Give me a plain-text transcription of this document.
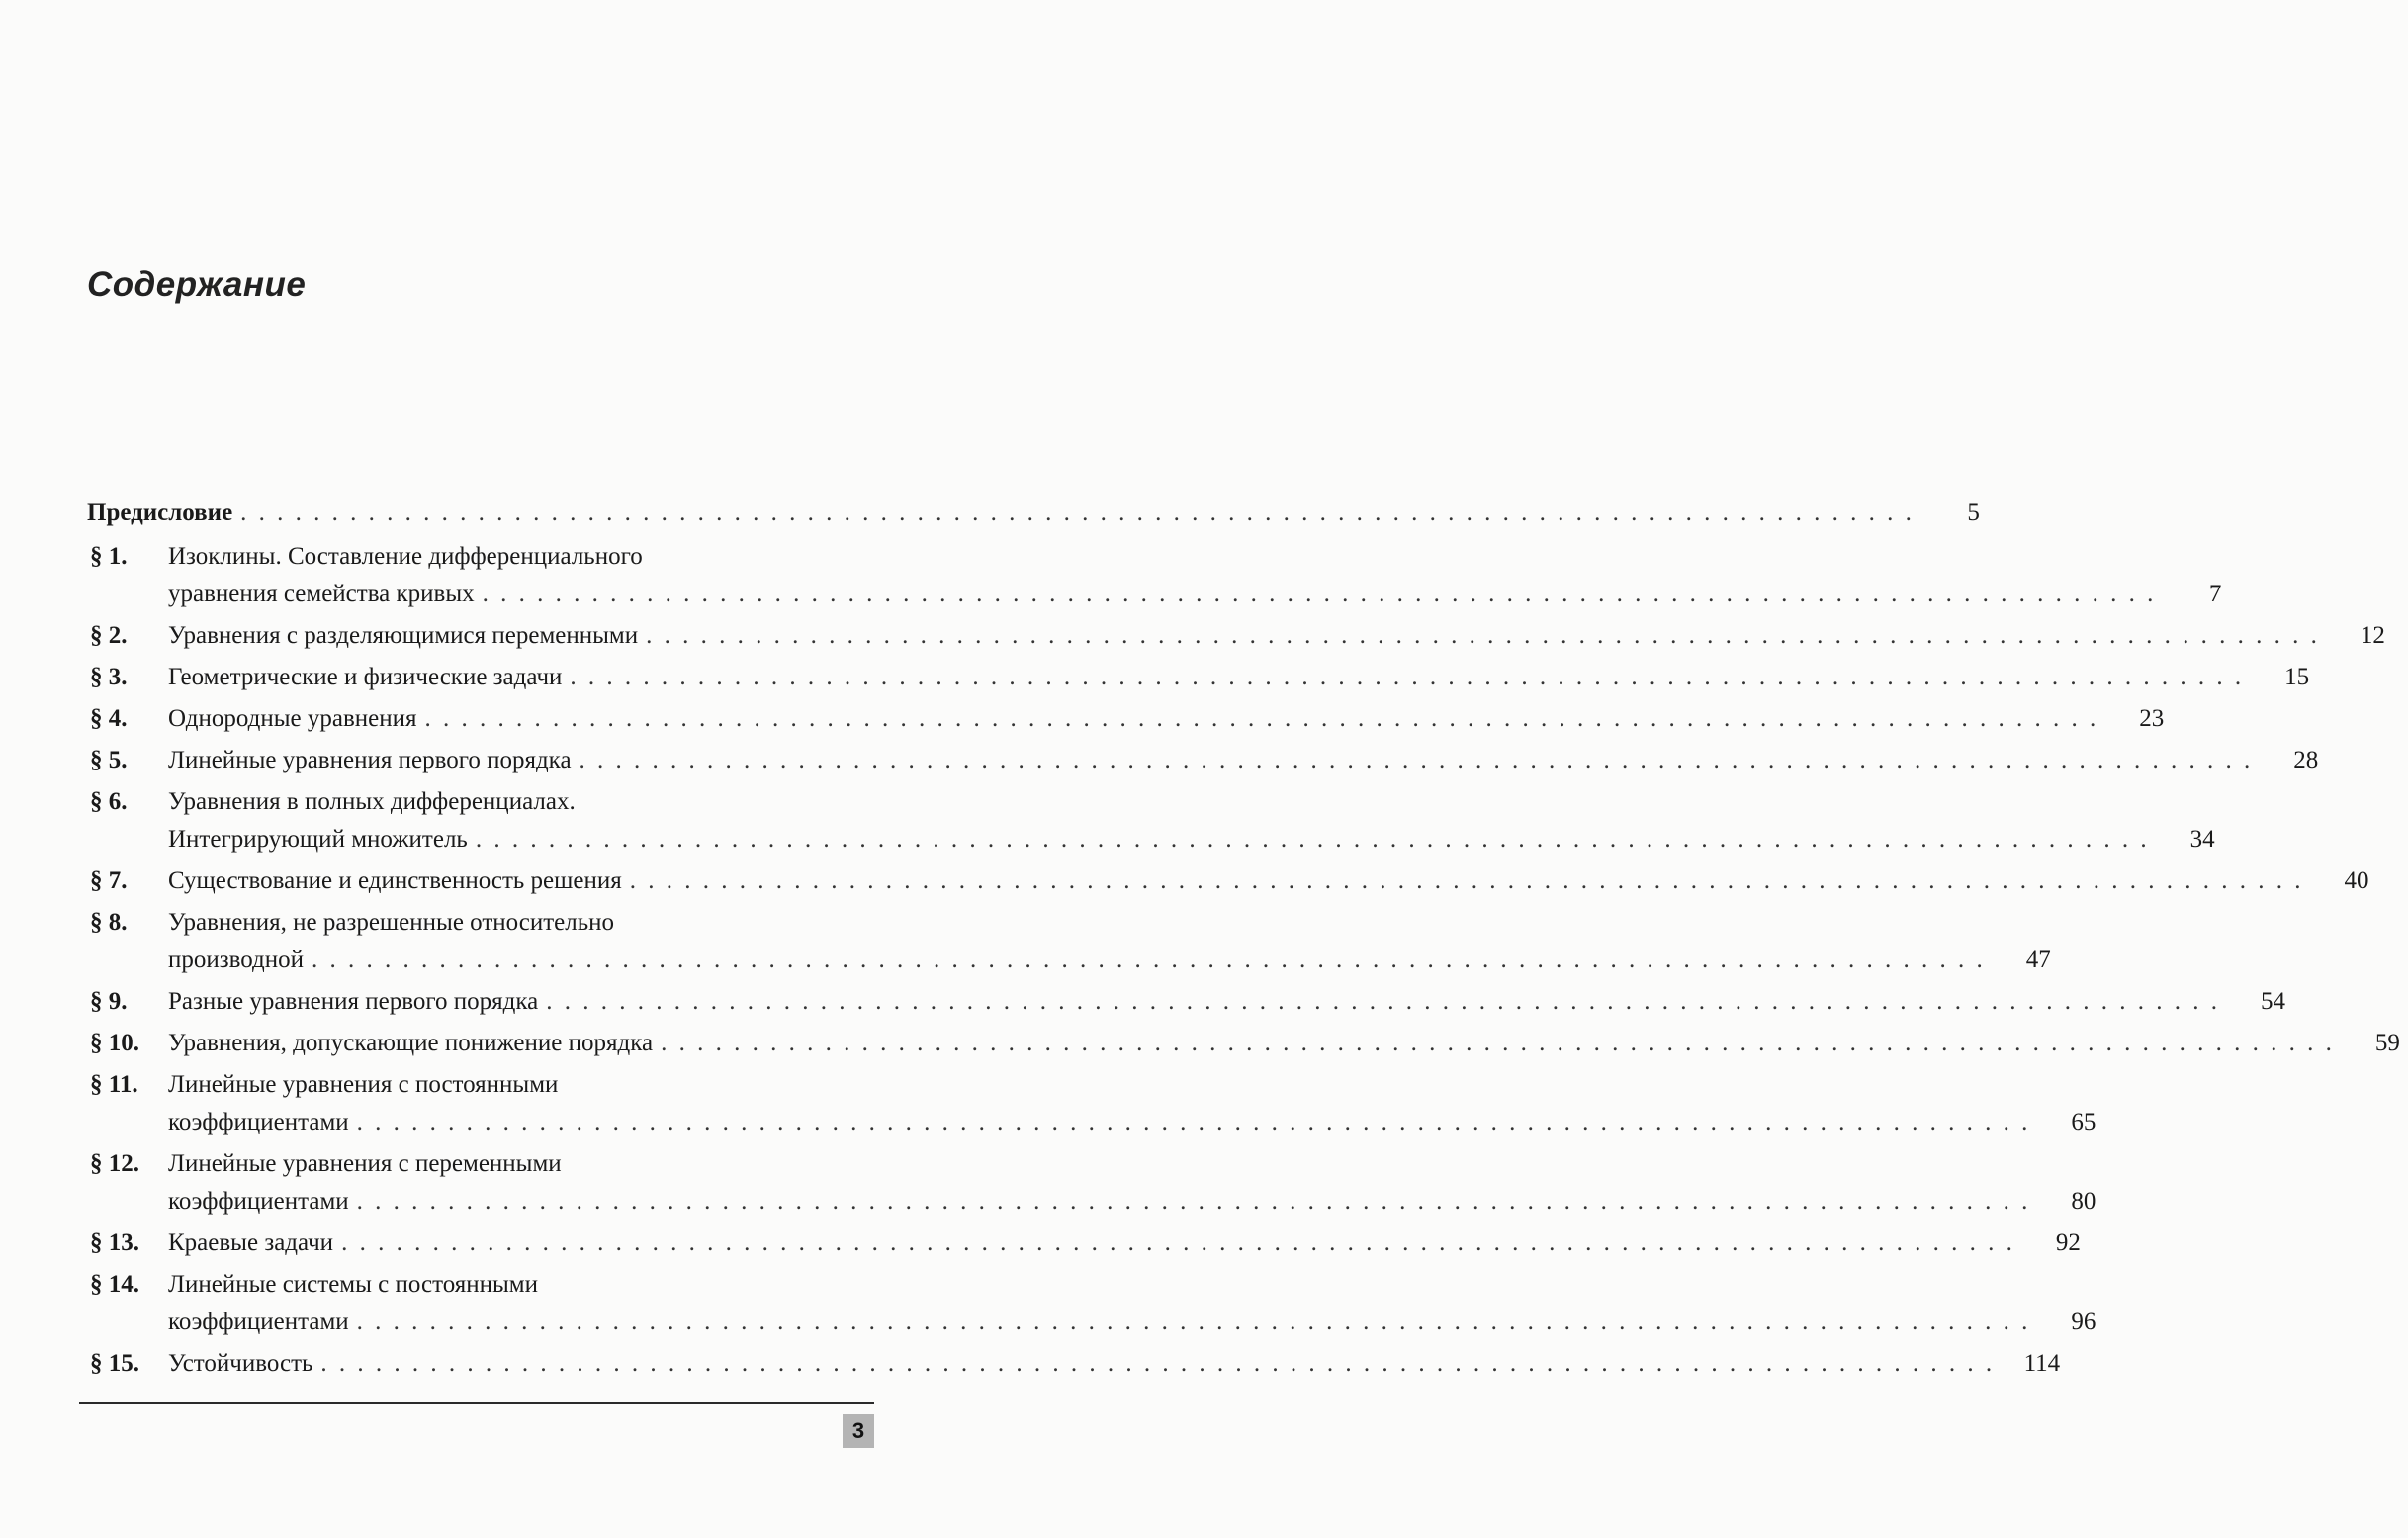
Содержание
Предисловие . . .	5
§ 1.	Изоклины. Составление дифференциального
уравнения семейства кривых . . .	7
§ 2.	Уравнения с разделяющимися переменными . . .	12
§ 3.	Геометрические и физические задачи . . .	15
§ 4.	Однородные уравнения . . .	23
§ 5.	Линейные уравнения первого порядка . . .	28
§ 6.	Уравнения в полных дифференциалах.
Интегрирующий множитель . . .	34
§ 7.	Существование и единственность решения . . .	40
§ 8.	Уравнения, не разрешенные относительно
производной . . .	47
§ 9.	Разные уравнения первого порядка . . .	54
§ 10.	Уравнения, допускающие понижение порядка . . .	59
§ 11.	Линейные уравнения с постоянными
коэффициентами . . .	65
§ 12.	Линейные уравнения с переменными
коэффициентами . . .	80
§ 13.	Краевые задачи . . .	92
§ 14.	Линейные системы с постоянными
коэффициентами . . .	96
§ 15.	Устойчивость . . .	114
3
